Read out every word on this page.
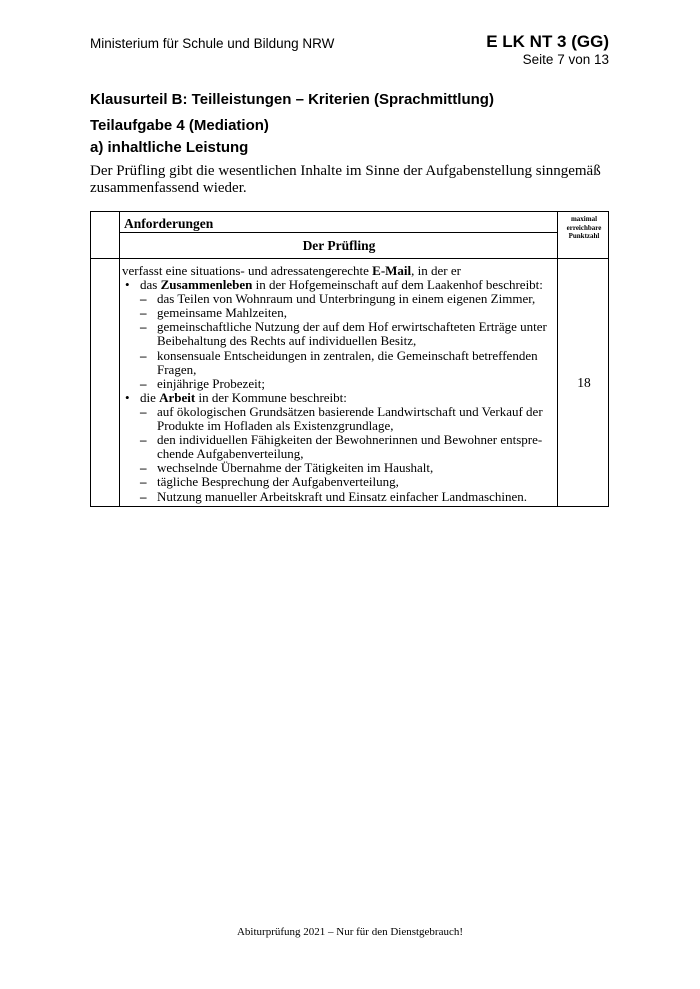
Ministerium für Schule und Bildung NRW	E LK NT 3 (GG)
Seite 7 von 13
Klausurteil B: Teilleistungen – Kriterien (Sprachmittlung)
Teilaufgabe 4 (Mediation)
a) inhaltliche Leistung
Der Prüfling gibt die wesentlichen Inhalte im Sinne der Aufgabenstellung sinngemäß zusammenfassend wieder.
Anforderungen
Der Prüfling
maximal erreichbare Punktzahl
verfasst eine situations- und adressatengerechte E-Mail, in der er
• das Zusammenleben in der Hofgemeinschaft auf dem Laakenhof beschreibt:
– das Teilen von Wohnraum und Unterbringung in einem eigenen Zimmer,
– gemeinsame Mahlzeiten,
– gemeinschaftliche Nutzung der auf dem Hof erwirtschafteten Erträge unter
Beibehaltung des Rechts auf individuellen Besitz,
– konsensuale Entscheidungen in zentralen, die Gemeinschaft betreffenden
Fragen,
– einjährige Probezeit;
• die Arbeit in der Kommune beschreibt:
– auf ökologischen Grundsätzen basierende Landwirtschaft und Verkauf der
Produkte im Hofladen als Existenzgrundlage,
– den individuellen Fähigkeiten der Bewohnerinnen und Bewohner entspre-
chende Aufgabenverteilung,
– wechselnde Übernahme der Tätigkeiten im Haushalt,
– tägliche Besprechung der Aufgabenverteilung,
– Nutzung manueller Arbeitskraft und Einsatz einfacher Landmaschinen.
18
Abiturprüfung 2021 – Nur für den Dienstgebrauch!
